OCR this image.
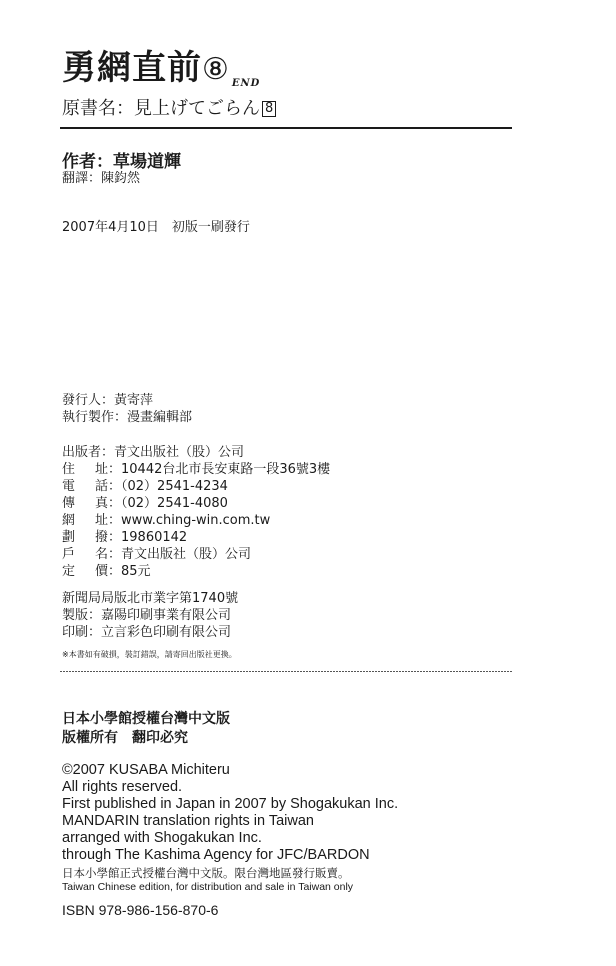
勇網直前⑧ END
原書名：見上げてごらん 8
作者：草場道輝
翻譯：陳鈞然
2007年4月10日　初版一刷發行
發行人：黃寄萍
執行製作：漫畫編輯部
出版者：青文出版社（股）公司
住址：10442台北市長安東路一段36號3樓
電話：（02）2541-4234
傳真：（02）2541-4080
網址：www.ching-win.com.tw
劃撥：19860142
戶名：青文出版社（股）公司
定價：85元
新聞局局版北市業字第1740號
製版：嘉陽印刷事業有限公司
印刷：立言彩色印刷有限公司
※本書如有破損，裝訂錯誤，請寄回出版社更換。
日本小學館授權台灣中文版
版權所有　翻印必究
©2007 KUSABA Michiteru
All rights reserved.
First published in Japan in 2007 by Shogakukan Inc.
MANDARIN translation rights in Taiwan
arranged with Shogakukan Inc.
through The Kashima Agency for JFC/BARDON
日本小學館正式授權台灣中文版。限台灣地區發行販賣。
Taiwan Chinese edition, for distribution and sale in Taiwan only
ISBN 978-986-156-870-6
